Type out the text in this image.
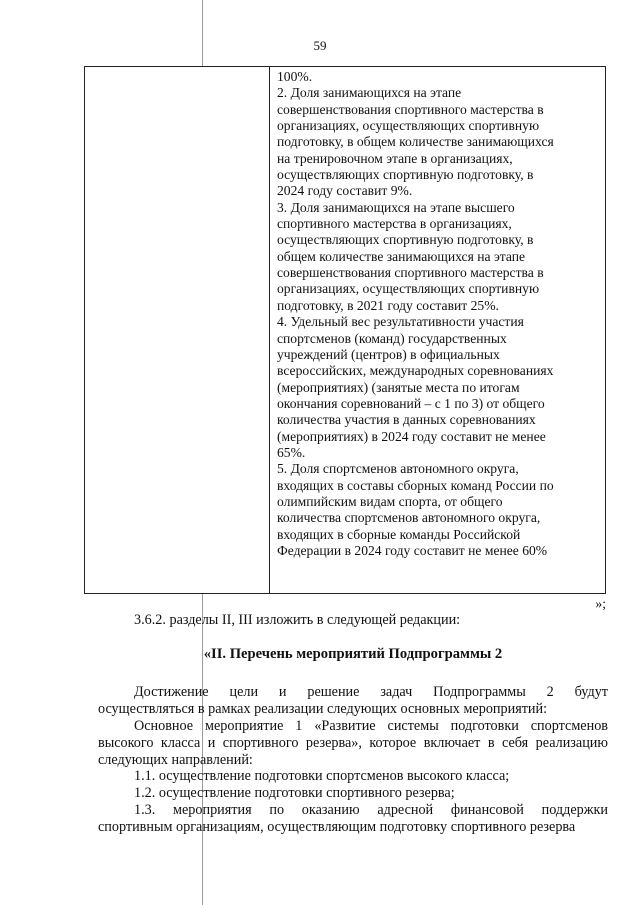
59
100%.
2. Доля занимающихся на этапе
совершенствования спортивного мастерства в
организациях, осуществляющих спортивную
подготовку, в общем количестве занимающихся
на тренировочном этапе в организациях,
осуществляющих спортивную подготовку, в
2024 году составит 9%.
3. Доля занимающихся на этапе высшего
спортивного мастерства в организациях,
осуществляющих спортивную подготовку, в
общем количестве занимающихся на этапе
совершенствования спортивного мастерства в
организациях, осуществляющих спортивную
подготовку, в 2021 году составит 25%.
4. Удельный вес результативности участия
спортсменов (команд) государственных
учреждений (центров) в официальных
всероссийских, международных соревнованиях
(мероприятиях) (занятые места по итогам
окончания соревнований – с 1 по 3) от общего
количества участия в данных соревнованиях
(мероприятиях) в 2024 году составит не менее
65%.
5. Доля спортсменов автономного округа,
входящих в составы сборных команд России по
олимпийским видам спорта, от общего
количества спортсменов автономного округа,
входящих в сборные команды Российской
Федерации в 2024 году составит не менее 60%
»;
3.6.2. разделы II, III изложить в следующей редакции:
«II. Перечень мероприятий Подпрограммы 2
Достижение цели и решение задач Подпрограммы 2 будут
осуществляться в рамках реализации следующих основных мероприятий:
Основное мероприятие 1 «Развитие системы подготовки спортсменов
высокого класса и спортивного резерва», которое включает в себя реализацию
следующих направлений:
1.1. осуществление подготовки спортсменов высокого класса;
1.2. осуществление подготовки спортивного резерва;
1.3. мероприятия по оказанию адресной финансовой поддержки
спортивным организациям, осуществляющим подготовку спортивного резерва
